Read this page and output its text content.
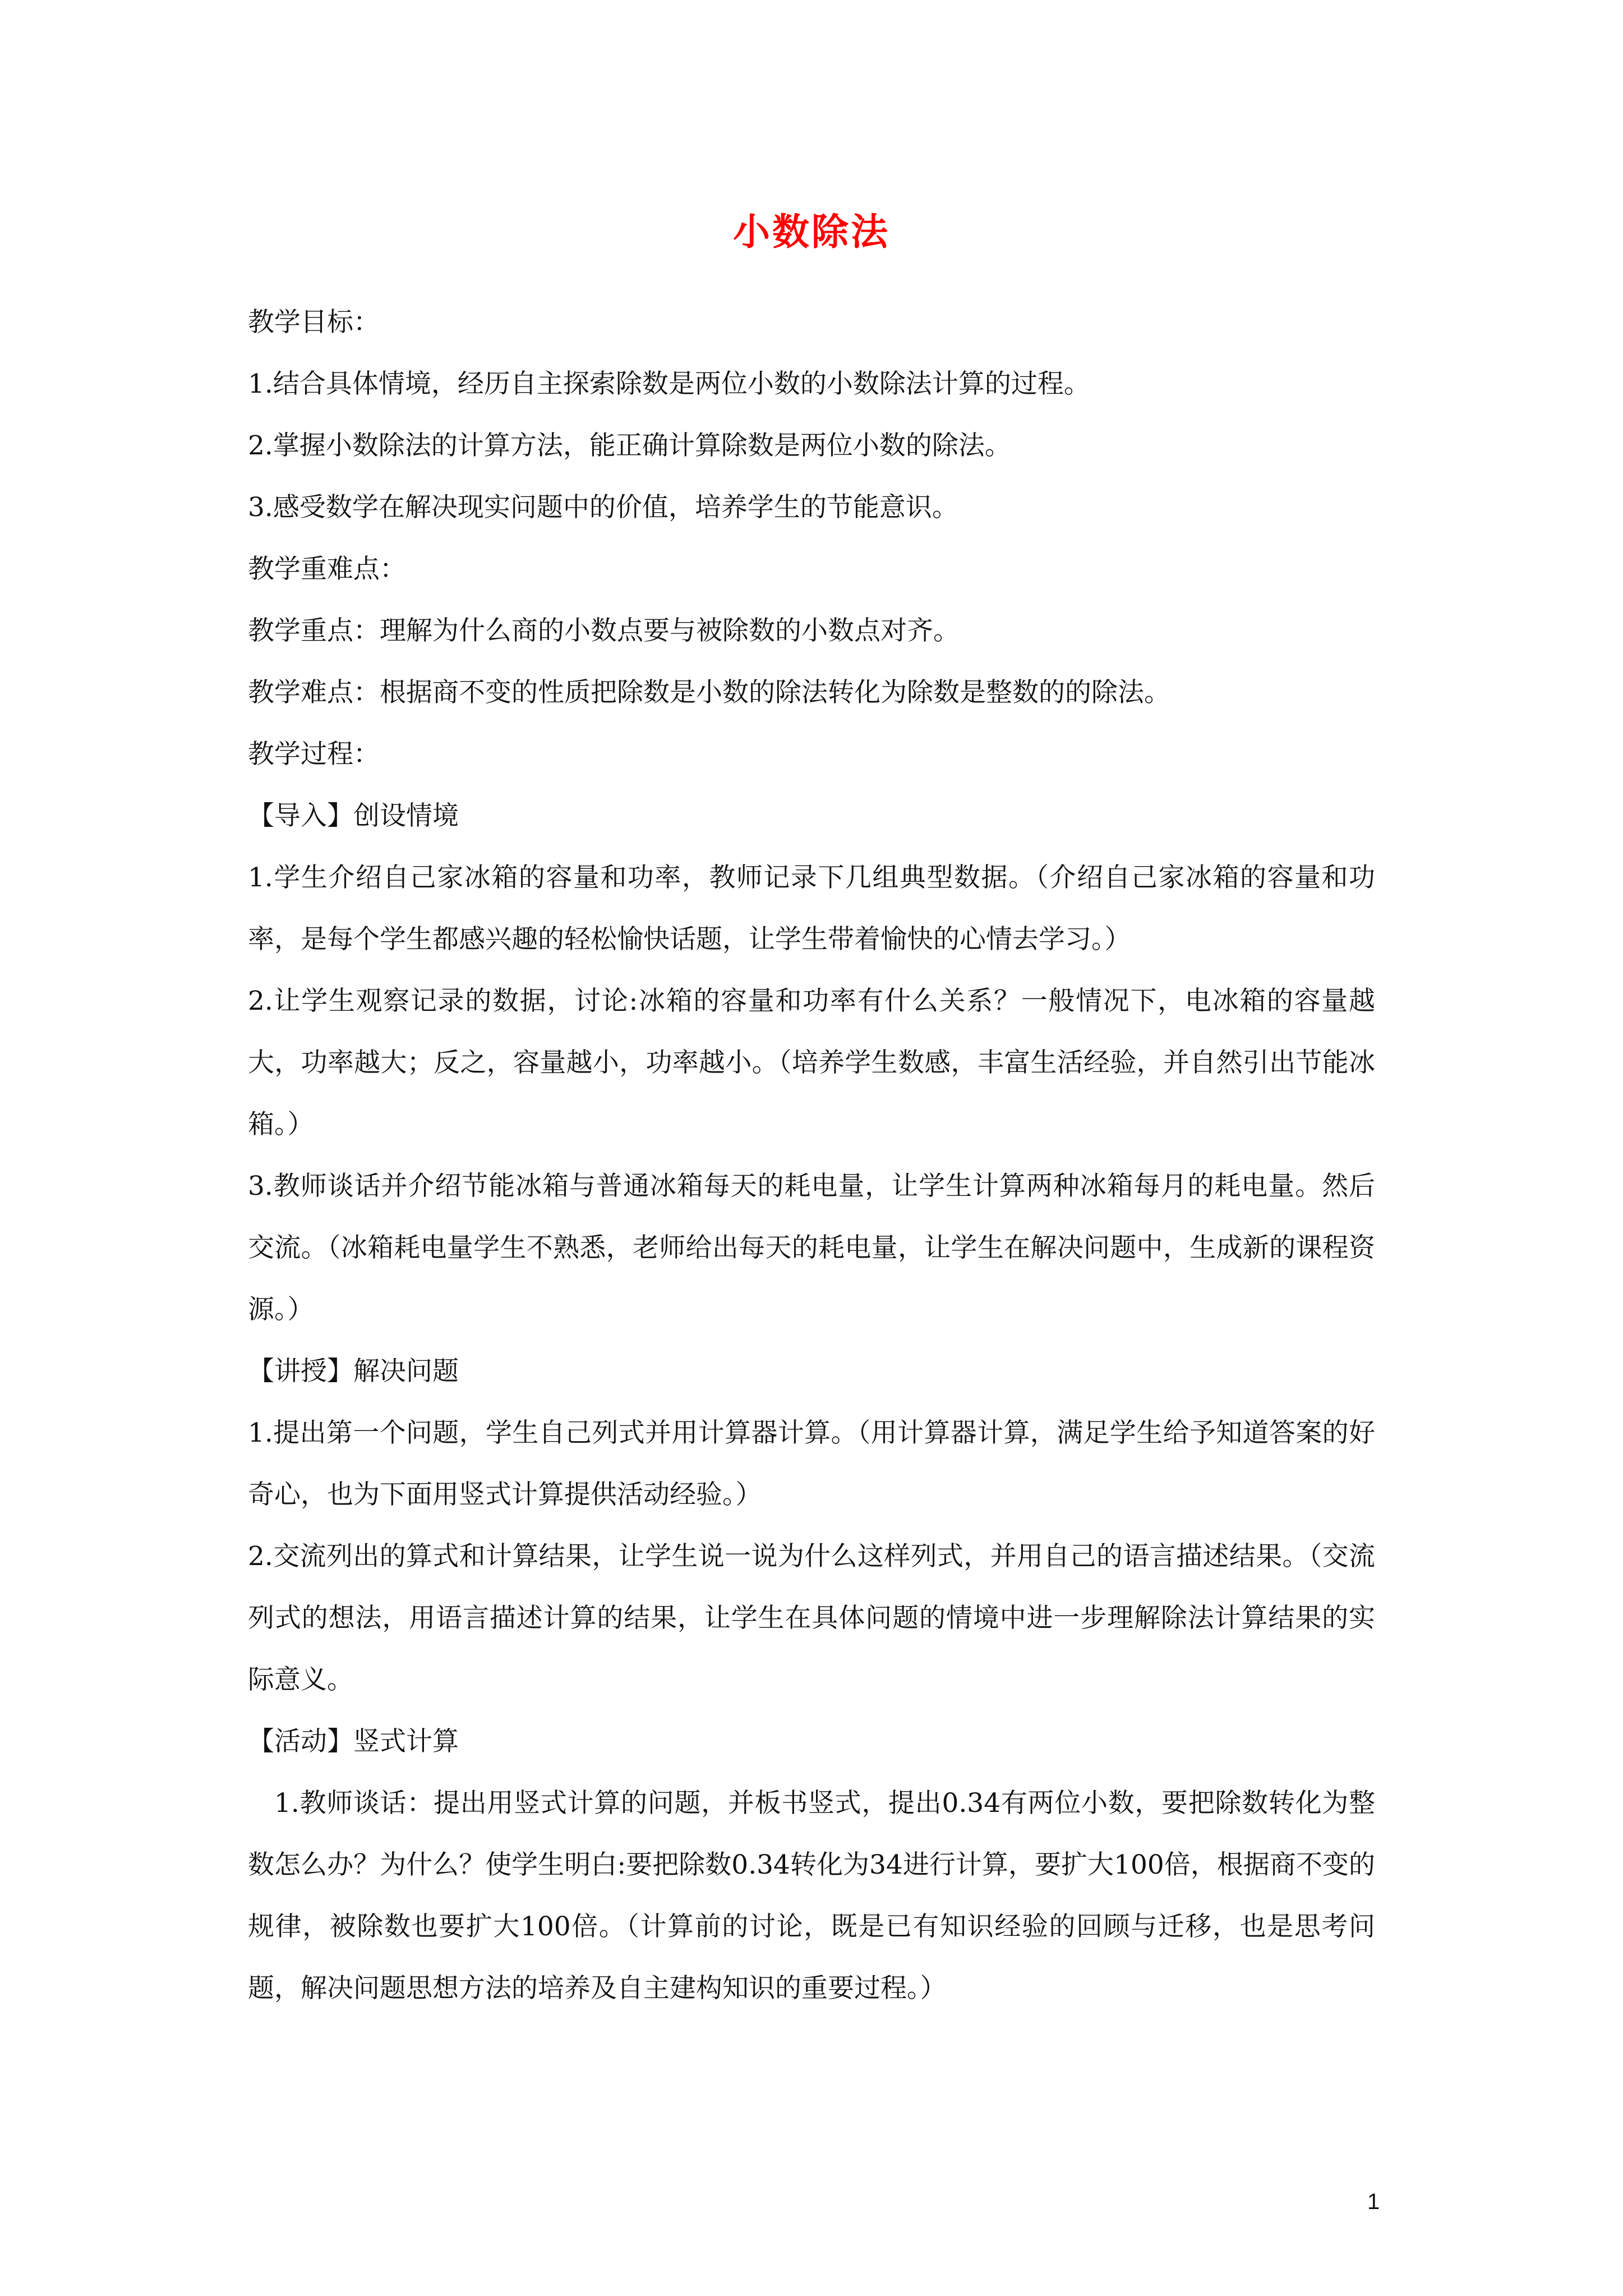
小数除法

教学目标：

1.结合具体情境，经历自主探索除数是两位小数的小数除法计算的过程。

2.掌握小数除法的计算方法，能正确计算除数是两位小数的除法。

3.感受数学在解决现实问题中的价值，培养学生的节能意识。

教学重难点：

教学重点：理解为什么商的小数点要与被除数的小数点对齐。

教学难点：根据商不变的性质把除数是小数的除法转化为除数是整数的的除法。

教学过程：

【导入】创设情境

1.学生介绍自己家冰箱的容量和功率，教师记录下几组典型数据。（介绍自己家冰箱的容量和功率，是每个学生都感兴趣的轻松愉快话题，让学生带着愉快的心情去学习。）

2.让学生观察记录的数据，讨论:冰箱的容量和功率有什么关系？一般情况下，电冰箱的容量越大，功率越大；反之，容量越小，功率越小。（培养学生数感，丰富生活经验，并自然引出节能冰箱。）

3.教师谈话并介绍节能冰箱与普通冰箱每天的耗电量，让学生计算两种冰箱每月的耗电量。然后交流。（冰箱耗电量学生不熟悉，老师给出每天的耗电量，让学生在解决问题中，生成新的课程资源。）

【讲授】解决问题

1.提出第一个问题，学生自己列式并用计算器计算。（用计算器计算，满足学生给予知道答案的好奇心，也为下面用竖式计算提供活动经验。）

2.交流列出的算式和计算结果，让学生说一说为什么这样列式，并用自己的语言描述结果。（交流列式的想法，用语言描述计算的结果，让学生在具体问题的情境中进一步理解除法计算结果的实际意义。

【活动】竖式计算

1.教师谈话：提出用竖式计算的问题，并板书竖式，提出0.34有两位小数，要把除数转化为整数怎么办？为什么？使学生明白:要把除数0.34转化为34进行计算，要扩大100倍，根据商不变的规律，被除数也要扩大100倍。（计算前的讨论，既是已有知识经验的回顾与迁移，也是思考问题，解决问题思想方法的培养及自主建构知识的重要过程。）

1
